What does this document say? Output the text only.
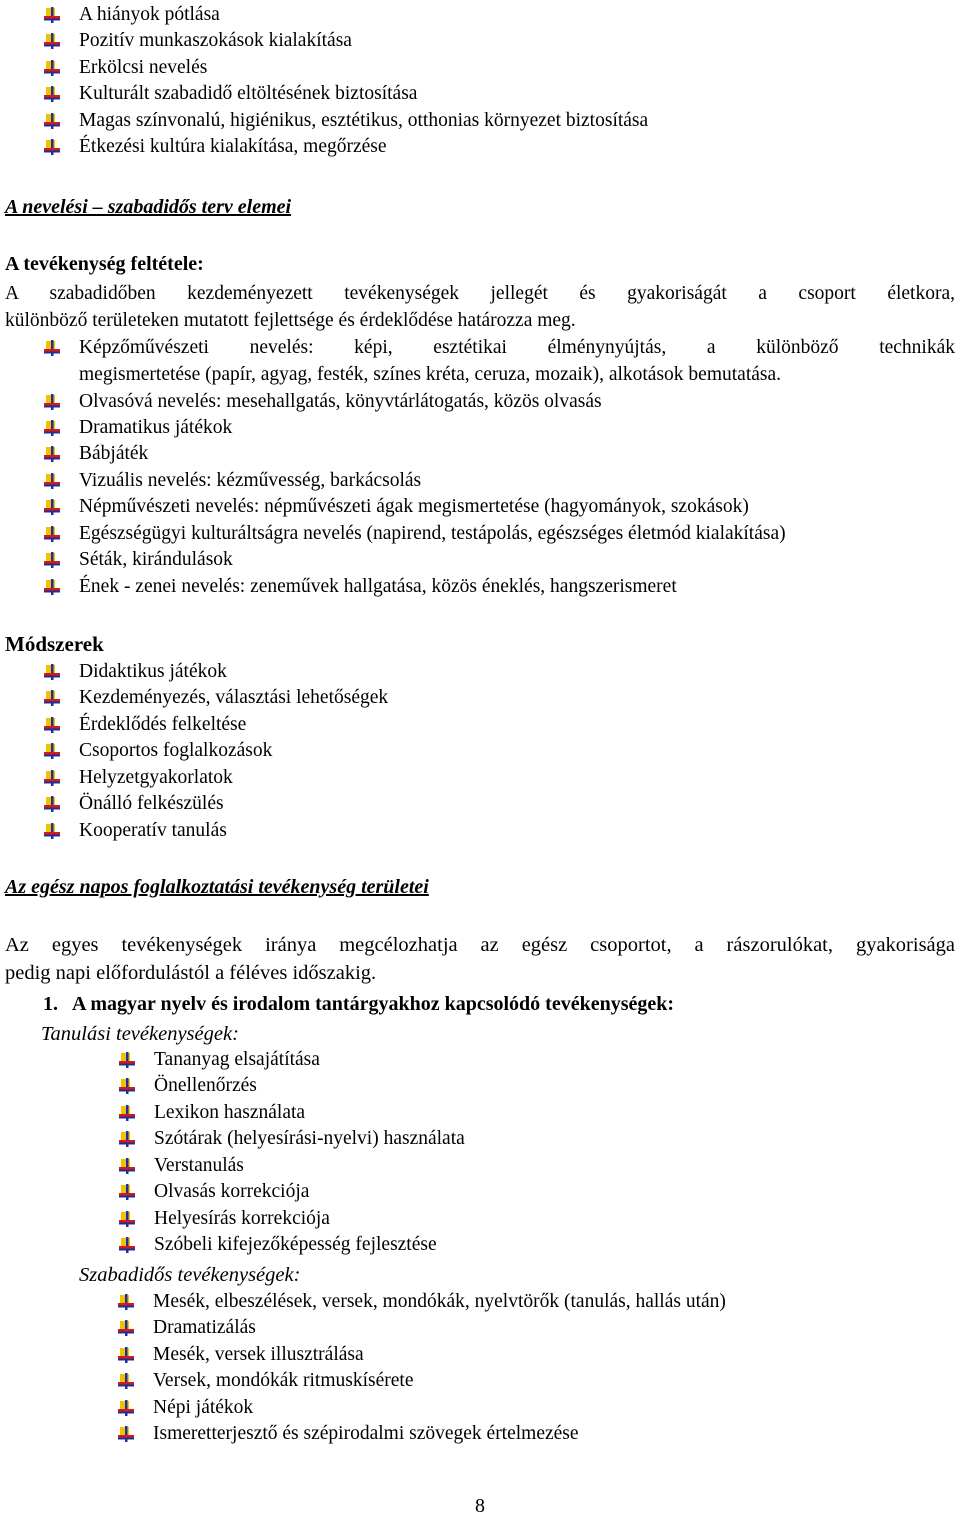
A hiányok pótlása
Pozitív munkaszokások kialakítása
Erkölcsi nevelés
Kulturált szabadidő eltöltésének biztosítása
Magas színvonalú, higiénikus, esztétikus, otthonias környezet biztosítása
Étkezési kultúra kialakítása, megőrzése
A nevelési – szabadidős terv elemei
A tevékenység feltétele:
A szabadidőben kezdeményezett tevékenységek jellegét és gyakoriságát a csoport életkora,
különböző területeken mutatott fejlettsége és érdeklődése határozza meg.
Képzőművészeti nevelés: képi, esztétikai élménynyújtás, a különböző technikák
megismertetése (papír, agyag, festék, színes kréta, ceruza, mozaik), alkotások bemutatása.
Olvasóvá nevelés: mesehallgatás, könyvtárlátogatás, közös olvasás
Dramatikus játékok
Bábjáték
Vizuális nevelés: kézművesség, barkácsolás
Népművészeti nevelés: népművészeti ágak megismertetése (hagyományok, szokások)
Egészségügyi kulturáltságra nevelés (napirend, testápolás, egészséges életmód kialakítása)
Séták, kirándulások
Ének - zenei nevelés: zeneművek hallgatása, közös éneklés, hangszerismeret
Módszerek
Didaktikus játékok
Kezdeményezés, választási lehetőségek
Érdeklődés felkeltése
Csoportos foglalkozások
Helyzetgyakorlatok
Önálló felkészülés
Kooperatív tanulás
Az egész napos foglalkoztatási tevékenység területei
Az egyes tevékenységek iránya megcélozhatja az egész csoportot, a rászorulókat, gyakorisága
pedig napi előfordulástól a féléves időszakig.
1. A magyar nyelv és irodalom tantárgyakhoz kapcsolódó tevékenységek:
Tanulási tevékenységek:
Tananyag elsajátítása
Önellenőrzés
Lexikon használata
Szótárak (helyesírási-nyelvi) használata
Verstanulás
Olvasás korrekciója
Helyesírás korrekciója
Szóbeli kifejezőképesség fejlesztése
Szabadidős tevékenységek:
Mesék, elbeszélések, versek, mondókák, nyelvtörők (tanulás, hallás után)
Dramatizálás
Mesék, versek illusztrálása
Versek, mondókák ritmuskísérete
Népi játékok
Ismeretterjesztő és szépirodalmi szövegek értelmezése
8
